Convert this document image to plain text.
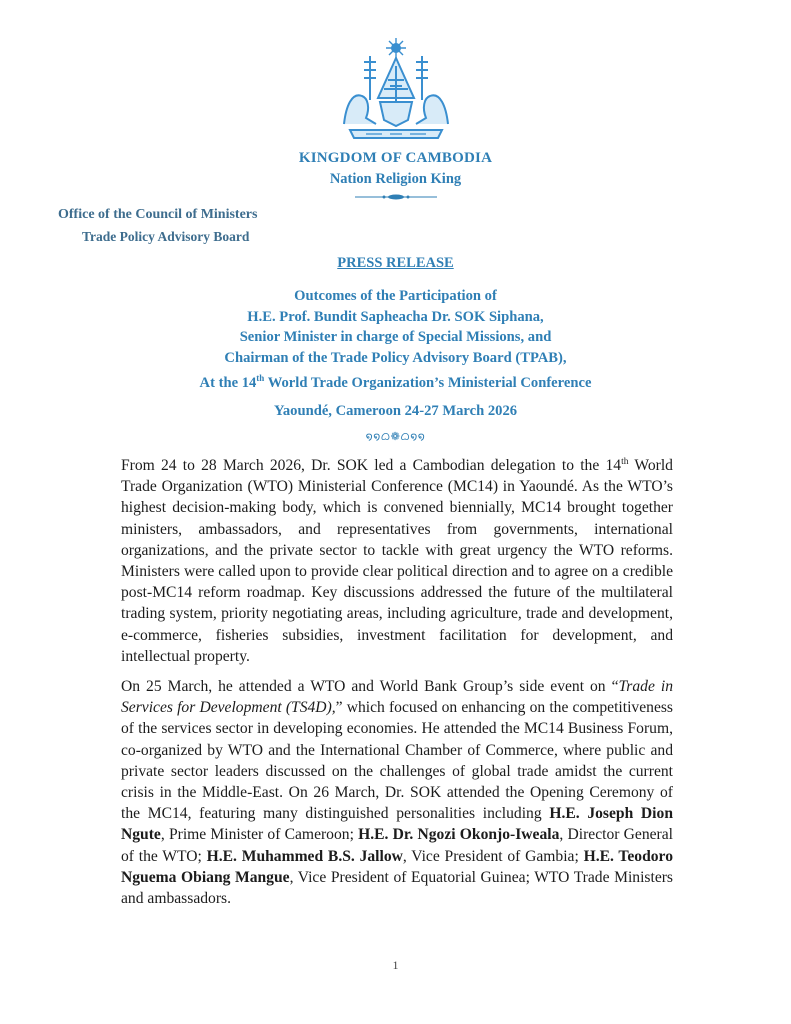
KINGDOM OF CAMBODIA
Nation Religion King
Office of the Council of Ministers
Trade Policy Advisory Board
PRESS RELEASE
Outcomes of the Participation of
H.E. Prof. Bundit Sapheacha Dr. SOK Siphana,
Senior Minister in charge of Special Missions, and
Chairman of the Trade Policy Advisory Board (TPAB),
At the 14th World Trade Organization’s Ministerial Conference
Yaoundé, Cameroon 24-27 March 2026
໑໑ᜊ❁ᜊ໑໑

From 24 to 28 March 2026, Dr. SOK led a Cambodian delegation to the 14th World Trade Organization (WTO) Ministerial Conference (MC14) in Yaoundé. As the WTO’s highest decision-making body, which is convened biennially, MC14 brought together ministers, ambassadors, and representatives from governments, international organizations, and the private sector to tackle with great urgency the WTO reforms. Ministers were called upon to provide clear political direction and to agree on a credible post-MC14 reform roadmap. Key discussions addressed the future of the multilateral trading system, priority negotiating areas, including agriculture, trade and development, e-commerce, fisheries subsidies, investment facilitation for development, and intellectual property.

On 25 March, he attended a WTO and World Bank Group’s side event on “Trade in Services for Development (TS4D),” which focused on enhancing on the competitiveness of the services sector in developing economies. He attended the MC14 Business Forum, co-organized by WTO and the International Chamber of Commerce, where public and private sector leaders discussed on the challenges of global trade amidst the current crisis in the Middle-East. On 26 March, Dr. SOK attended the Opening Ceremony of the MC14, featuring many distinguished personalities including H.E. Joseph Dion Ngute, Prime Minister of Cameroon; H.E. Dr. Ngozi Okonjo-Iweala, Director General of the WTO; H.E. Muhammed B.S. Jallow, Vice President of Gambia; H.E. Teodoro Nguema Obiang Mangue, Vice President of Equatorial Guinea; WTO Trade Ministers and ambassadors.

1
